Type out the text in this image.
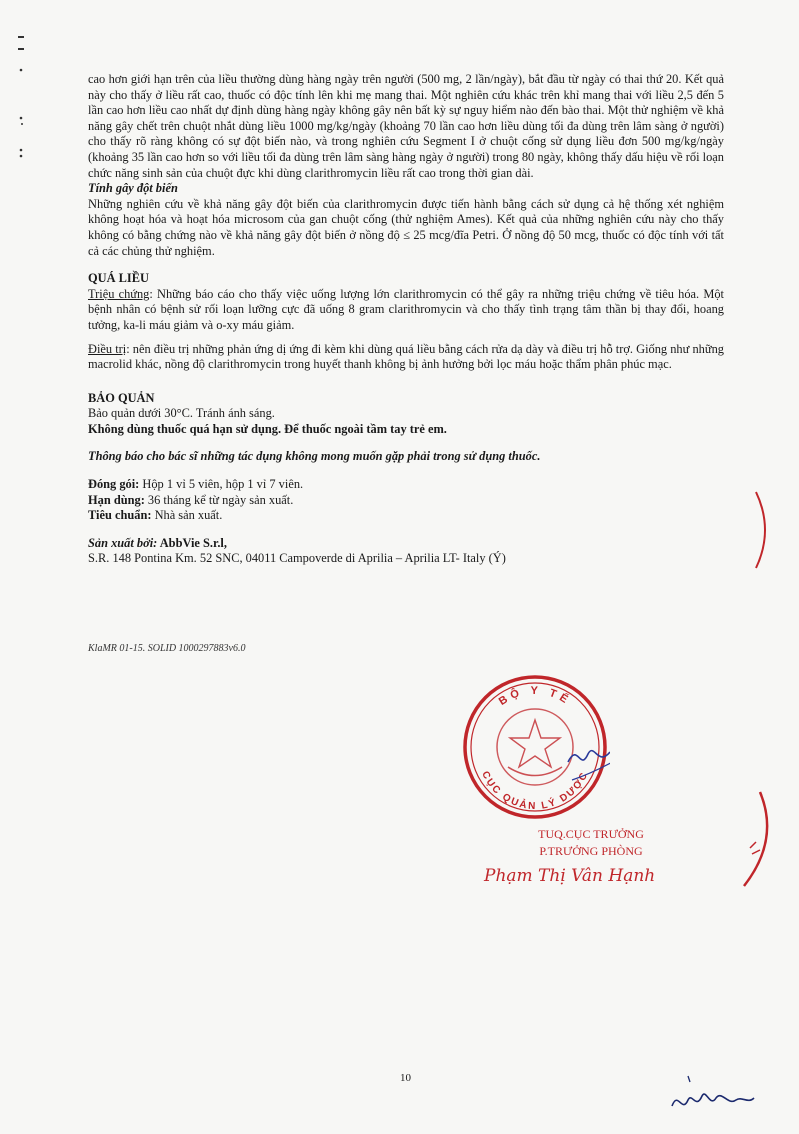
cao hơn giới hạn trên của liều thường dùng hàng ngày trên người (500 mg, 2 lần/ngày), bắt đầu từ ngày có thai thứ 20. Kết quả này cho thấy ở liều rất cao, thuốc có độc tính lên khi mẹ mang thai. Một nghiên cứu khác trên khỉ mang thai với liều 2,5 đến 5 lần cao hơn liều cao nhất dự định dùng hàng ngày không gây nên bất kỳ sự nguy hiểm nào đến bào thai. Một thử nghiệm về khả năng gây chết trên chuột nhắt dùng liều 1000 mg/kg/ngày (khoảng 70 lần cao hơn liều dùng tối đa dùng trên lâm sàng ở người) cho thấy rõ ràng không có sự đột biến nào, và trong nghiên cứu Segment I ở chuột cống sử dụng liều đơn 500 mg/kg/ngày (khoảng 35 lần cao hơn so với liều tối đa dùng trên lâm sàng hàng ngày ở người) trong 80 ngày, không thấy dấu hiệu về rối loạn chức năng sinh sản của chuột đực khi dùng clarithromycin liều rất cao trong thời gian dài.

Tính gây đột biến

Những nghiên cứu về khả năng gây đột biến của clarithromycin được tiến hành bằng cách sử dụng cả hệ thống xét nghiệm không hoạt hóa và hoạt hóa microsom của gan chuột cống (thử nghiệm Ames). Kết quả của những nghiên cứu này cho thấy không có bằng chứng nào về khả năng gây đột biến ở nồng độ ≤ 25 mcg/đĩa Petri. Ở nồng độ 50 mcg, thuốc có độc tính với tất cả các chủng thử nghiệm.

QUÁ LIỀU

Triệu chứng: Những báo cáo cho thấy việc uống lượng lớn clarithromycin có thể gây ra những triệu chứng về tiêu hóa. Một bệnh nhân có bệnh sử rối loạn lưỡng cực đã uống 8 gram clarithromycin và cho thấy tình trạng tâm thần bị thay đổi, hoang tưởng, ka-li máu giảm và o-xy máu giảm.

Điều trị: nên điều trị những phản ứng dị ứng đi kèm khi dùng quá liều bằng cách rửa dạ dày và điều trị hỗ trợ. Giống như những macrolid khác, nồng độ clarithromycin trong huyết thanh không bị ảnh hưởng bởi lọc máu hoặc thẩm phân phúc mạc.

BẢO QUẢN

Bảo quản dưới 30°C. Tránh ánh sáng.

Không dùng thuốc quá hạn sử dụng. Để thuốc ngoài tầm tay trẻ em.

Thông báo cho bác sĩ những tác dụng không mong muốn gặp phải trong sử dụng thuốc.

Đóng gói: Hộp 1 vỉ 5 viên, hộp 1 vỉ 7 viên.

Hạn dùng: 36 tháng kể từ ngày sản xuất.

Tiêu chuẩn: Nhà sản xuất.

Sản xuất bởi: AbbVie S.r.l,

S.R. 148 Pontina Km. 52 SNC, 04011 Campoverde di Aprilia – Aprilia LT- Italy (Ý)

KlaMR 01-15. SOLID 1000297883v6.0
BỘ Y TẾ
CỤC QUẢN LÝ DƯỢC
TUQ.CỤC TRƯỞNG
P.TRƯỞNG PHÒNG
Phạm Thị Vân Hạnh
10
